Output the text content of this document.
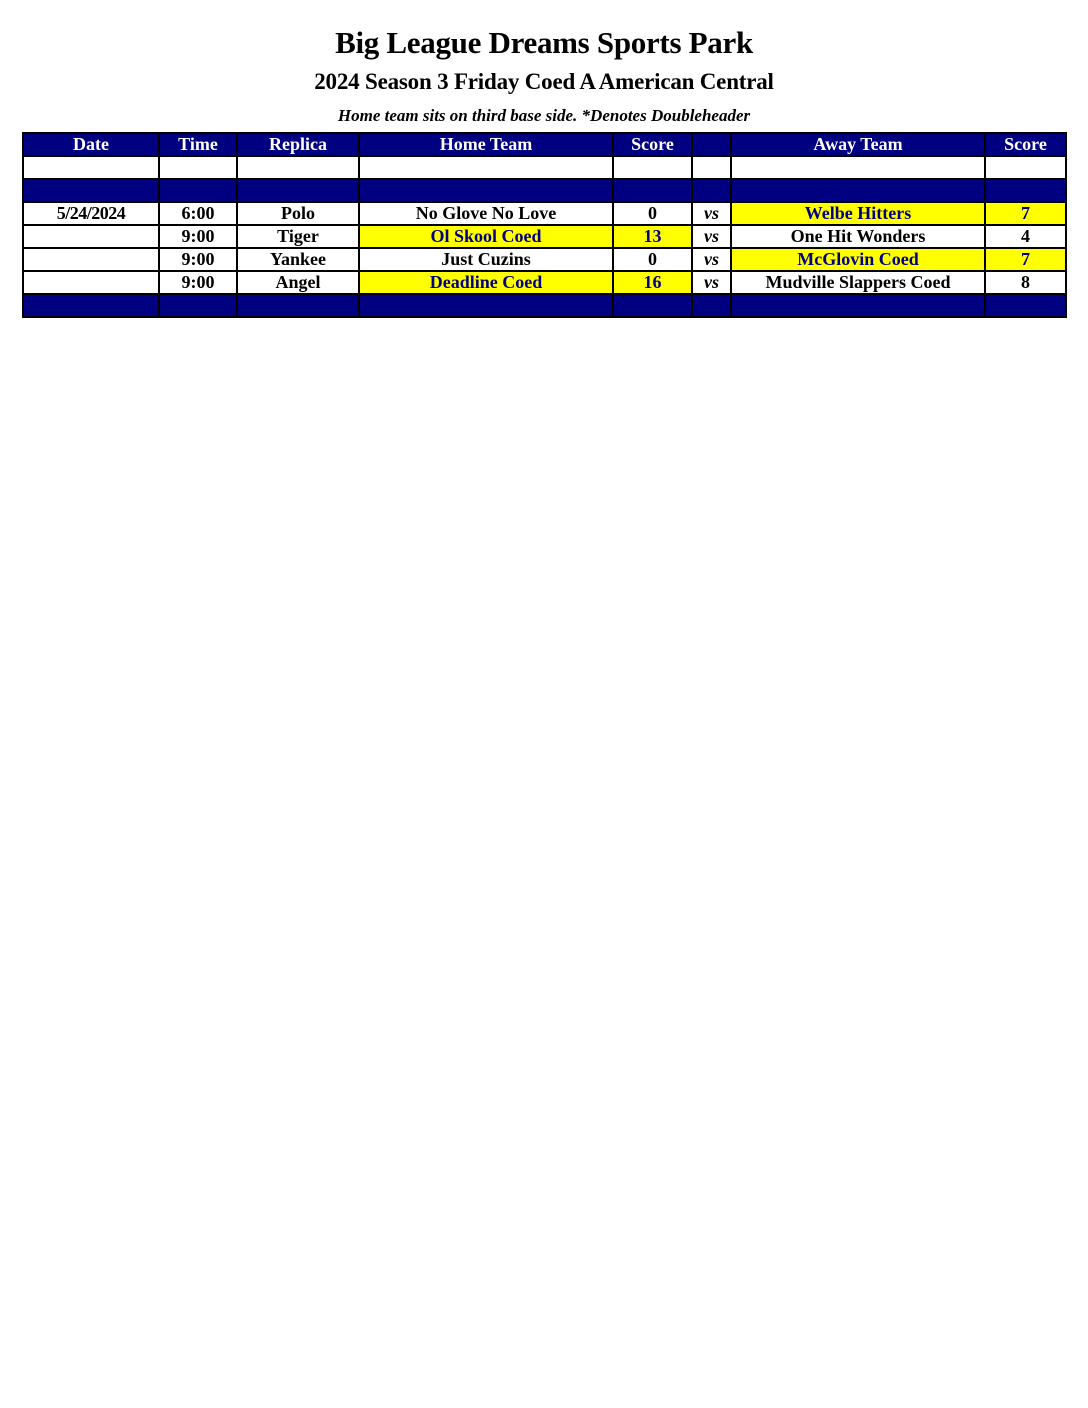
Big League Dreams Sports Park
2024 Season 3 Friday Coed A American Central
Home team sits on third base side. *Denotes Doubleheader
Date	Time	Replica	Home Team	Score		Away Team	Score

5/24/2024	6:00	Polo	No Glove No Love	0	vs	Welbe Hitters	7
	9:00	Tiger	Ol Skool Coed	13	vs	One Hit Wonders	4
	9:00	Yankee	Just Cuzins	0	vs	McGlovin Coed	7
	9:00	Angel	Deadline Coed	16	vs	Mudville Slappers Coed	8
